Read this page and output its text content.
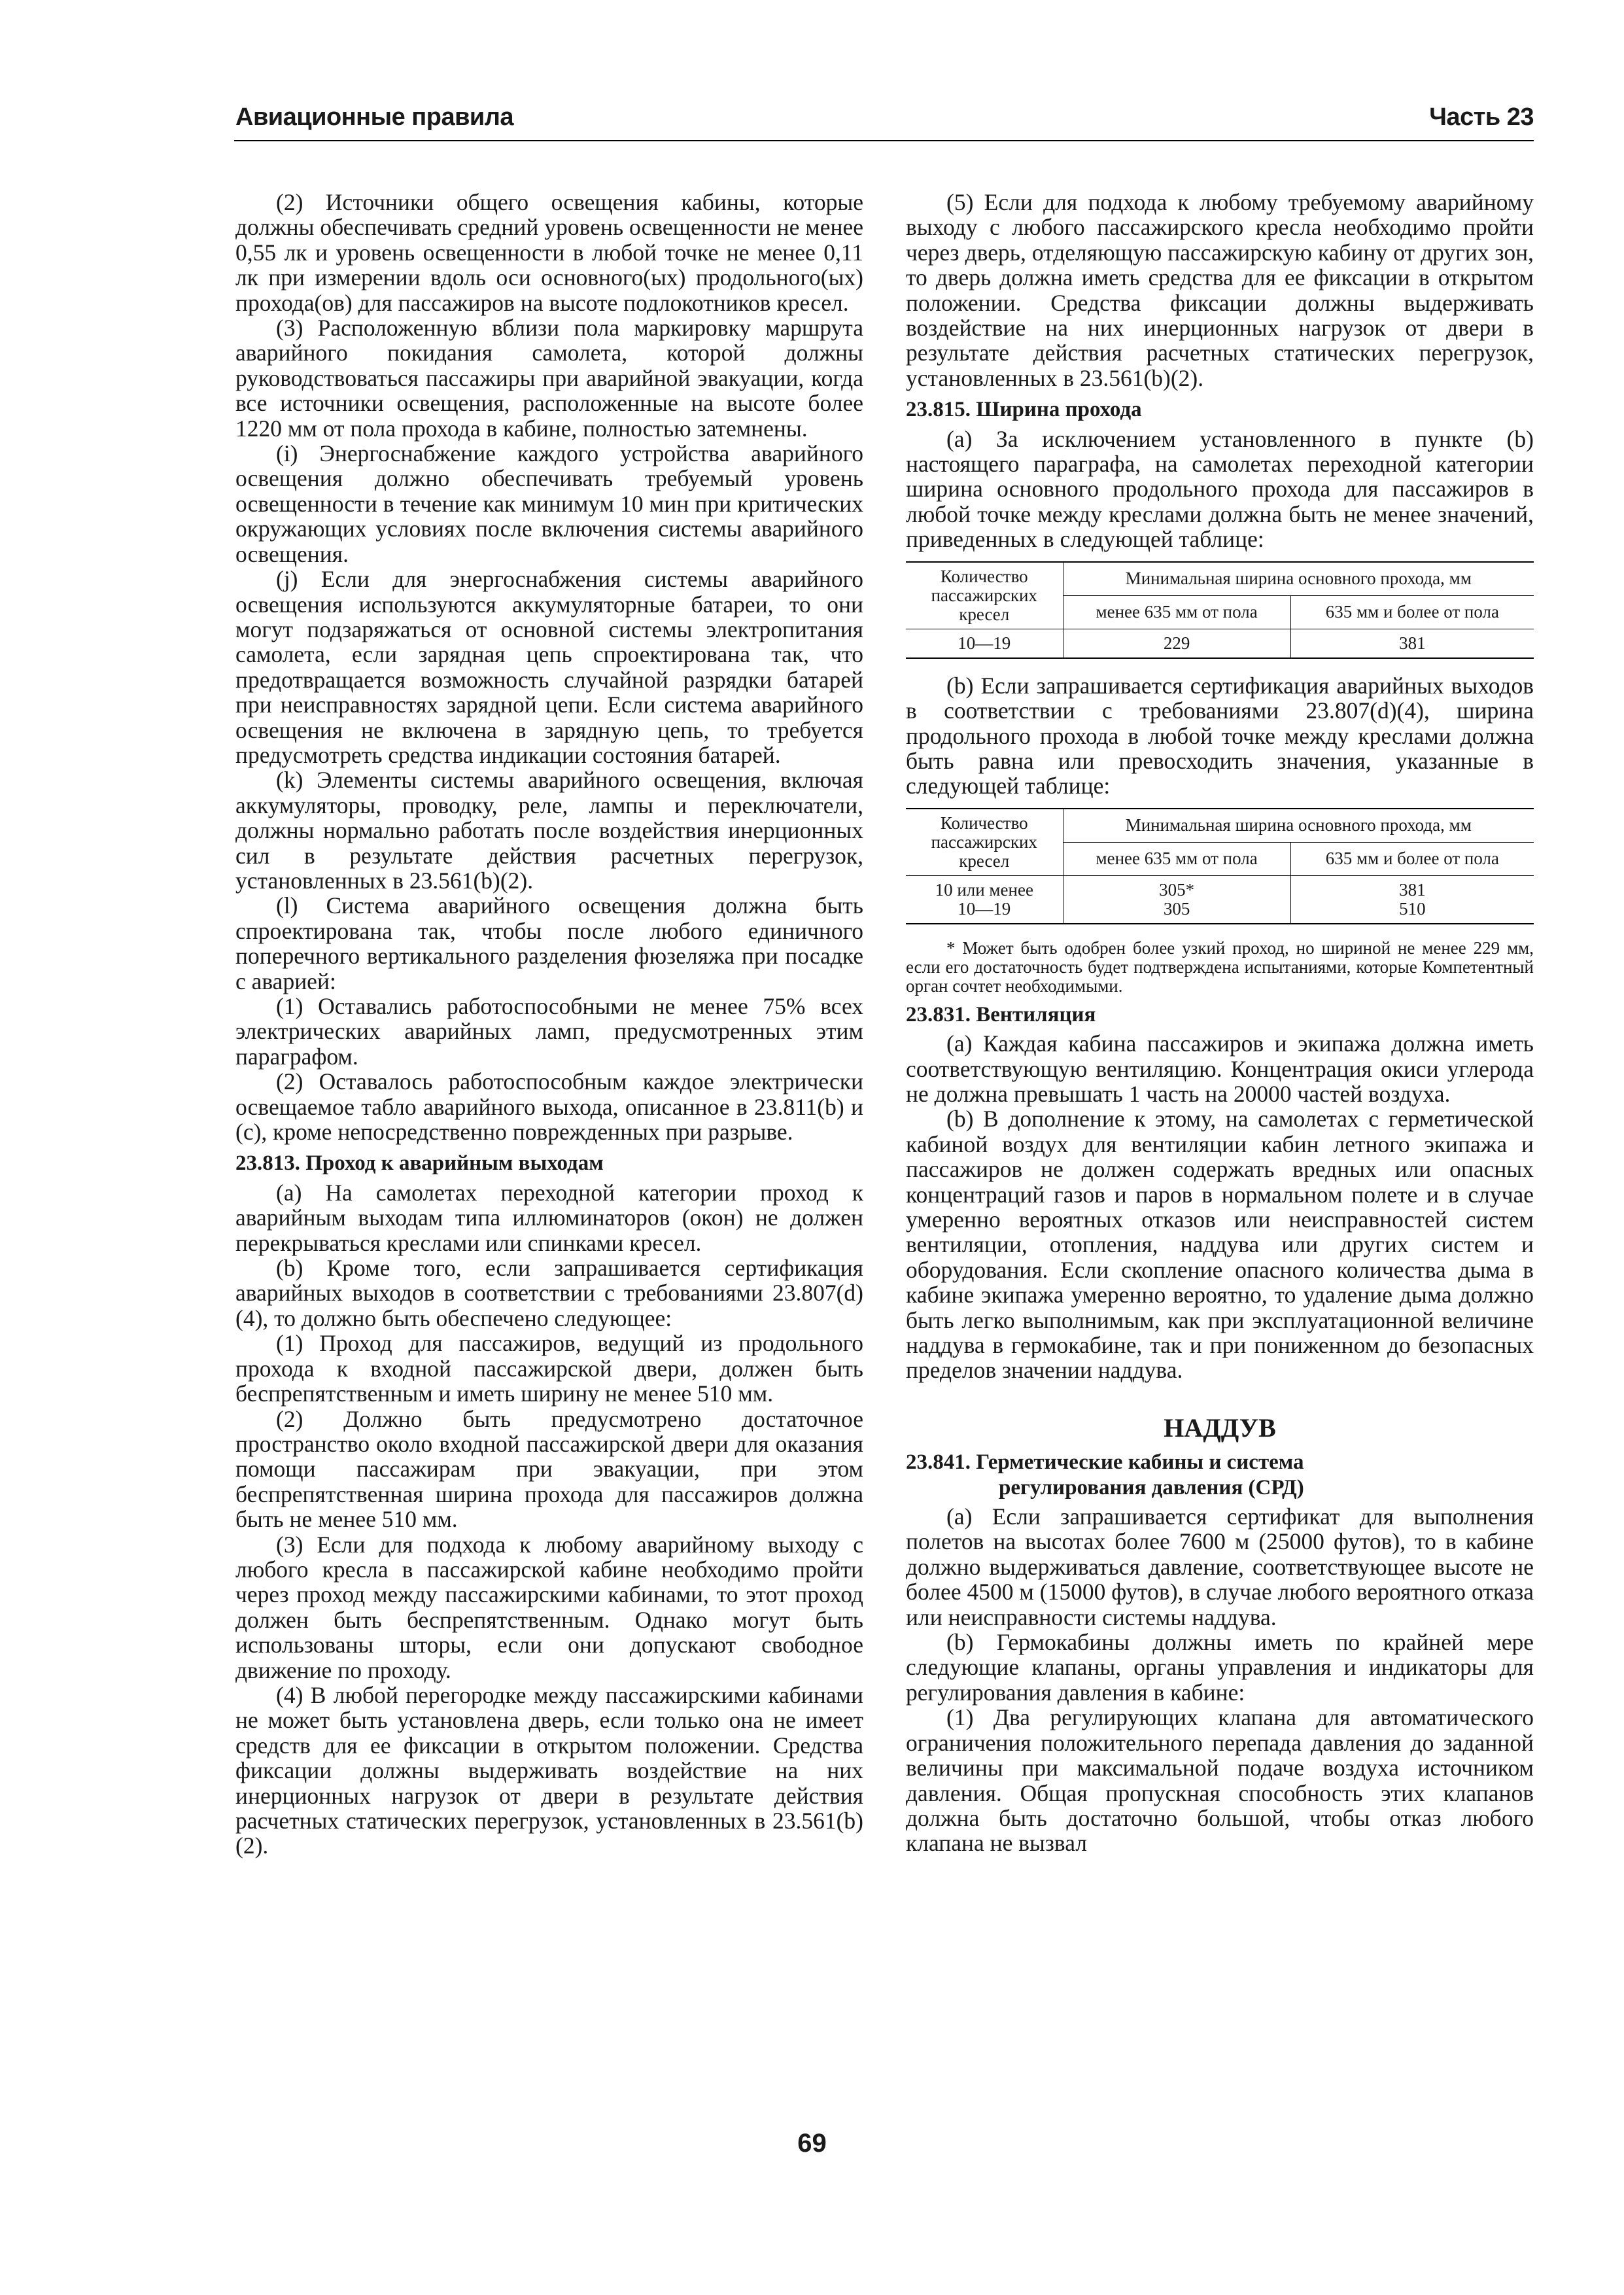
Авиационные правила	Часть 23

(2) Источники общего освещения кабины, которые должны обеспечивать средний уровень освещенности не менее 0,55 лк и уровень освещенности в любой точке не менее 0,11 лк при измерении вдоль оси основного(ых) продольного(ых) прохода(ов) для пассажиров на высоте подлокотников кресел.

(3) Расположенную вблизи пола маркировку маршрута аварийного покидания самолета, которой должны руководствоваться пассажиры при аварийной эвакуации, когда все источники освещения, расположенные на высоте более 1220 мм от пола прохода в кабине, полностью затемнены.

(i) Энергоснабжение каждого устройства аварийного освещения должно обеспечивать требуемый уровень освещенности в течение как минимум 10 мин при критических окружающих условиях после включения системы аварийного освещения.

(j) Если для энергоснабжения системы аварийного освещения используются аккумуляторные батареи, то они могут подзаряжаться от основной системы электропитания самолета, если зарядная цепь спроектирована так, что предотвращается возможность случайной разрядки батарей при неисправностях зарядной цепи. Если система аварийного освещения не включена в зарядную цепь, то требуется предусмотреть средства индикации состояния батарей.

(k) Элементы системы аварийного освещения, включая аккумуляторы, проводку, реле, лампы и переключатели, должны нормально работать после воздействия инерционных сил в результате действия расчетных перегрузок, установленных в 23.561(b)(2).

(l) Система аварийного освещения должна быть спроектирована так, чтобы после любого единичного поперечного вертикального разделения фюзеляжа при посадке с аварией:

(1) Оставались работоспособными не менее 75% всех электрических аварийных ламп, предусмотренных этим параграфом.

(2) Оставалось работоспособным каждое электрически освещаемое табло аварийного выхода, описанное в 23.811(b) и (c), кроме непосредственно поврежденных при разрыве.

23.813. Проход к аварийным выходам

(a) На самолетах переходной категории проход к аварийным выходам типа иллюминаторов (окон) не должен перекрываться креслами или спинками кресел.

(b) Кроме того, если запрашивается сертификация аварийных выходов в соответствии с требованиями 23.807(d)(4), то должно быть обеспечено следующее:

(1) Проход для пассажиров, ведущий из продольного прохода к входной пассажирской двери, должен быть беспрепятственным и иметь ширину не менее 510 мм.

(2) Должно быть предусмотрено достаточное пространство около входной пассажирской двери для оказания помощи пассажирам при эвакуации, при этом беспрепятственная ширина прохода для пассажиров должна быть не менее 510 мм.

(3) Если для подхода к любому аварийному выходу с любого кресла в пассажирской кабине необходимо пройти через проход между пассажирскими кабинами, то этот проход должен быть беспрепятственным. Однако могут быть использованы шторы, если они допускают свободное движение по проходу.

(4) В любой перегородке между пассажирскими кабинами не может быть установлена дверь, если только она не имеет средств для ее фиксации в открытом положении. Средства фиксации должны выдерживать воздействие на них инерционных нагрузок от двери в результате действия расчетных статических перегрузок, установленных в 23.561(b)(2).

(5) Если для подхода к любому требуемому аварийному выходу с любого пассажирского кресла необходимо пройти через дверь, отделяющую пассажирскую кабину от других зон, то дверь должна иметь средства для ее фиксации в открытом положении. Средства фиксации должны выдерживать воздействие на них инерционных нагрузок от двери в результате действия расчетных статических перегрузок, установленных в 23.561(b)(2).

23.815. Ширина прохода

(a) За исключением установленного в пункте (b) настоящего параграфа, на самолетах переходной категории ширина основного продольного прохода для пассажиров в любой точке между креслами должна быть не менее значений, приведенных в следующей таблице:

Количество пассажирских кресел	Минимальная ширина основного прохода, мм	
	менее 635 мм от пола	635 мм и более от пола
10—19	229	381

(b) Если запрашивается сертификация аварийных выходов в соответствии с требованиями 23.807(d)(4), ширина продольного прохода в любой точке между креслами должна быть равна или превосходить значения, указанные в следующей таблице:

Количество пассажирских кресел	Минимальная ширина основного прохода, мм	
	менее 635 мм от пола	635 мм и более от пола
10 или менее	305*	381
10—19	305	510

* Может быть одобрен более узкий проход, но шириной не менее 229 мм, если его достаточность будет подтверждена испытаниями, которые Компетентный орган сочтет необходимыми.

23.831. Вентиляция

(a) Каждая кабина пассажиров и экипажа должна иметь соответствующую вентиляцию. Концентрация окиси углерода не должна превышать 1 часть на 20000 частей воздуха.

(b) В дополнение к этому, на самолетах с герметической кабиной воздух для вентиляции кабин летного экипажа и пассажиров не должен содержать вредных или опасных концентраций газов и паров в нормальном полете и в случае умеренно вероятных отказов или неисправностей систем вентиляции, отопления, наддува или других систем и оборудования. Если скопление опасного количества дыма в кабине экипажа умеренно вероятно, то удаление дыма должно быть легко выполнимым, как при эксплуатационной величине наддува в гермокабине, так и при пониженном до безопасных пределов значении наддува.

НАДДУВ
23.841. Герметические кабины и система
регулирования давления (СРД)

(a) Если запрашивается сертификат для выполнения полетов на высотах более 7600 м (25000 футов), то в кабине должно выдерживаться давление, соответствующее высоте не более 4500 м (15000 футов), в случае любого вероятного отказа или неисправности системы наддува.

(b) Гермокабины должны иметь по крайней мере следующие клапаны, органы управления и индикаторы для регулирования давления в кабине:

(1) Два регулирующих клапана для автоматического ограничения положительного перепада давления до заданной величины при максимальной подаче воздуха источником давления. Общая пропускная способность этих клапанов должна быть достаточно большой, чтобы отказ любого клапана не вызвал

69
